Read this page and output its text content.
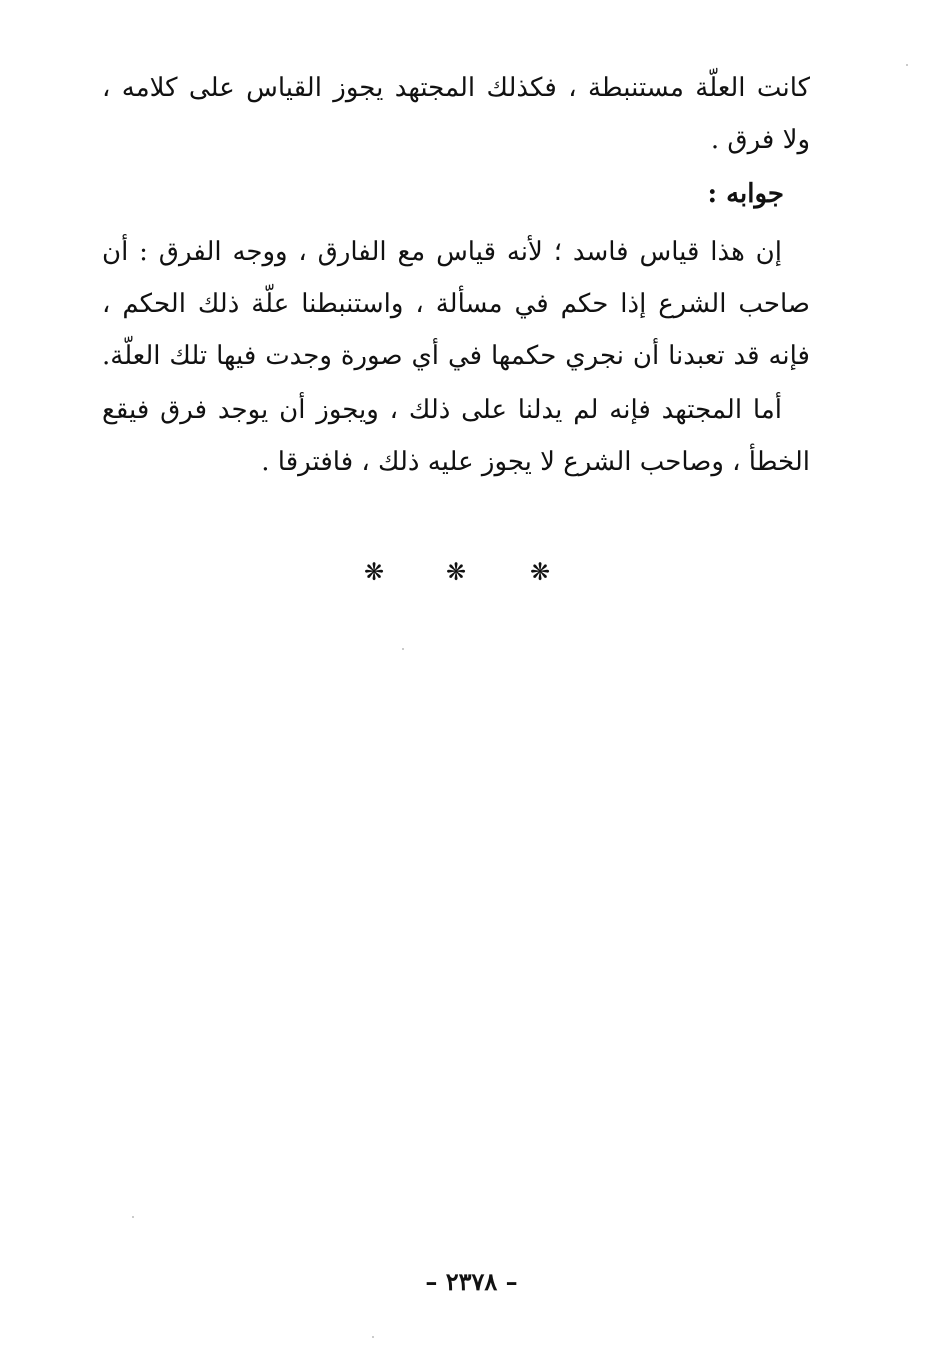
كانت العلّة مستنبطة ، فكذلك المجتهد يجوز القياس على كلامه ،
ولا فرق .
جوابه :
إن هذا قياس فاسد ؛ لأنه قياس مع الفارق ، ووجه الفرق : أن
صاحب الشرع إذا حكم في مسألة ، واستنبطنا علّة ذلك الحكم ،
فإنه قد تعبدنا أن نجري حكمها في أي صورة وجدت فيها تلك العلّة.
أما المجتهد فإنه لم يدلنا على ذلك ، ويجوز أن يوجد فرق فيقع
الخطأ ، وصاحب الشرع لا يجوز عليه ذلك ، فافترقا .
❋	❋	❋
– ٢٣٧٨ –
